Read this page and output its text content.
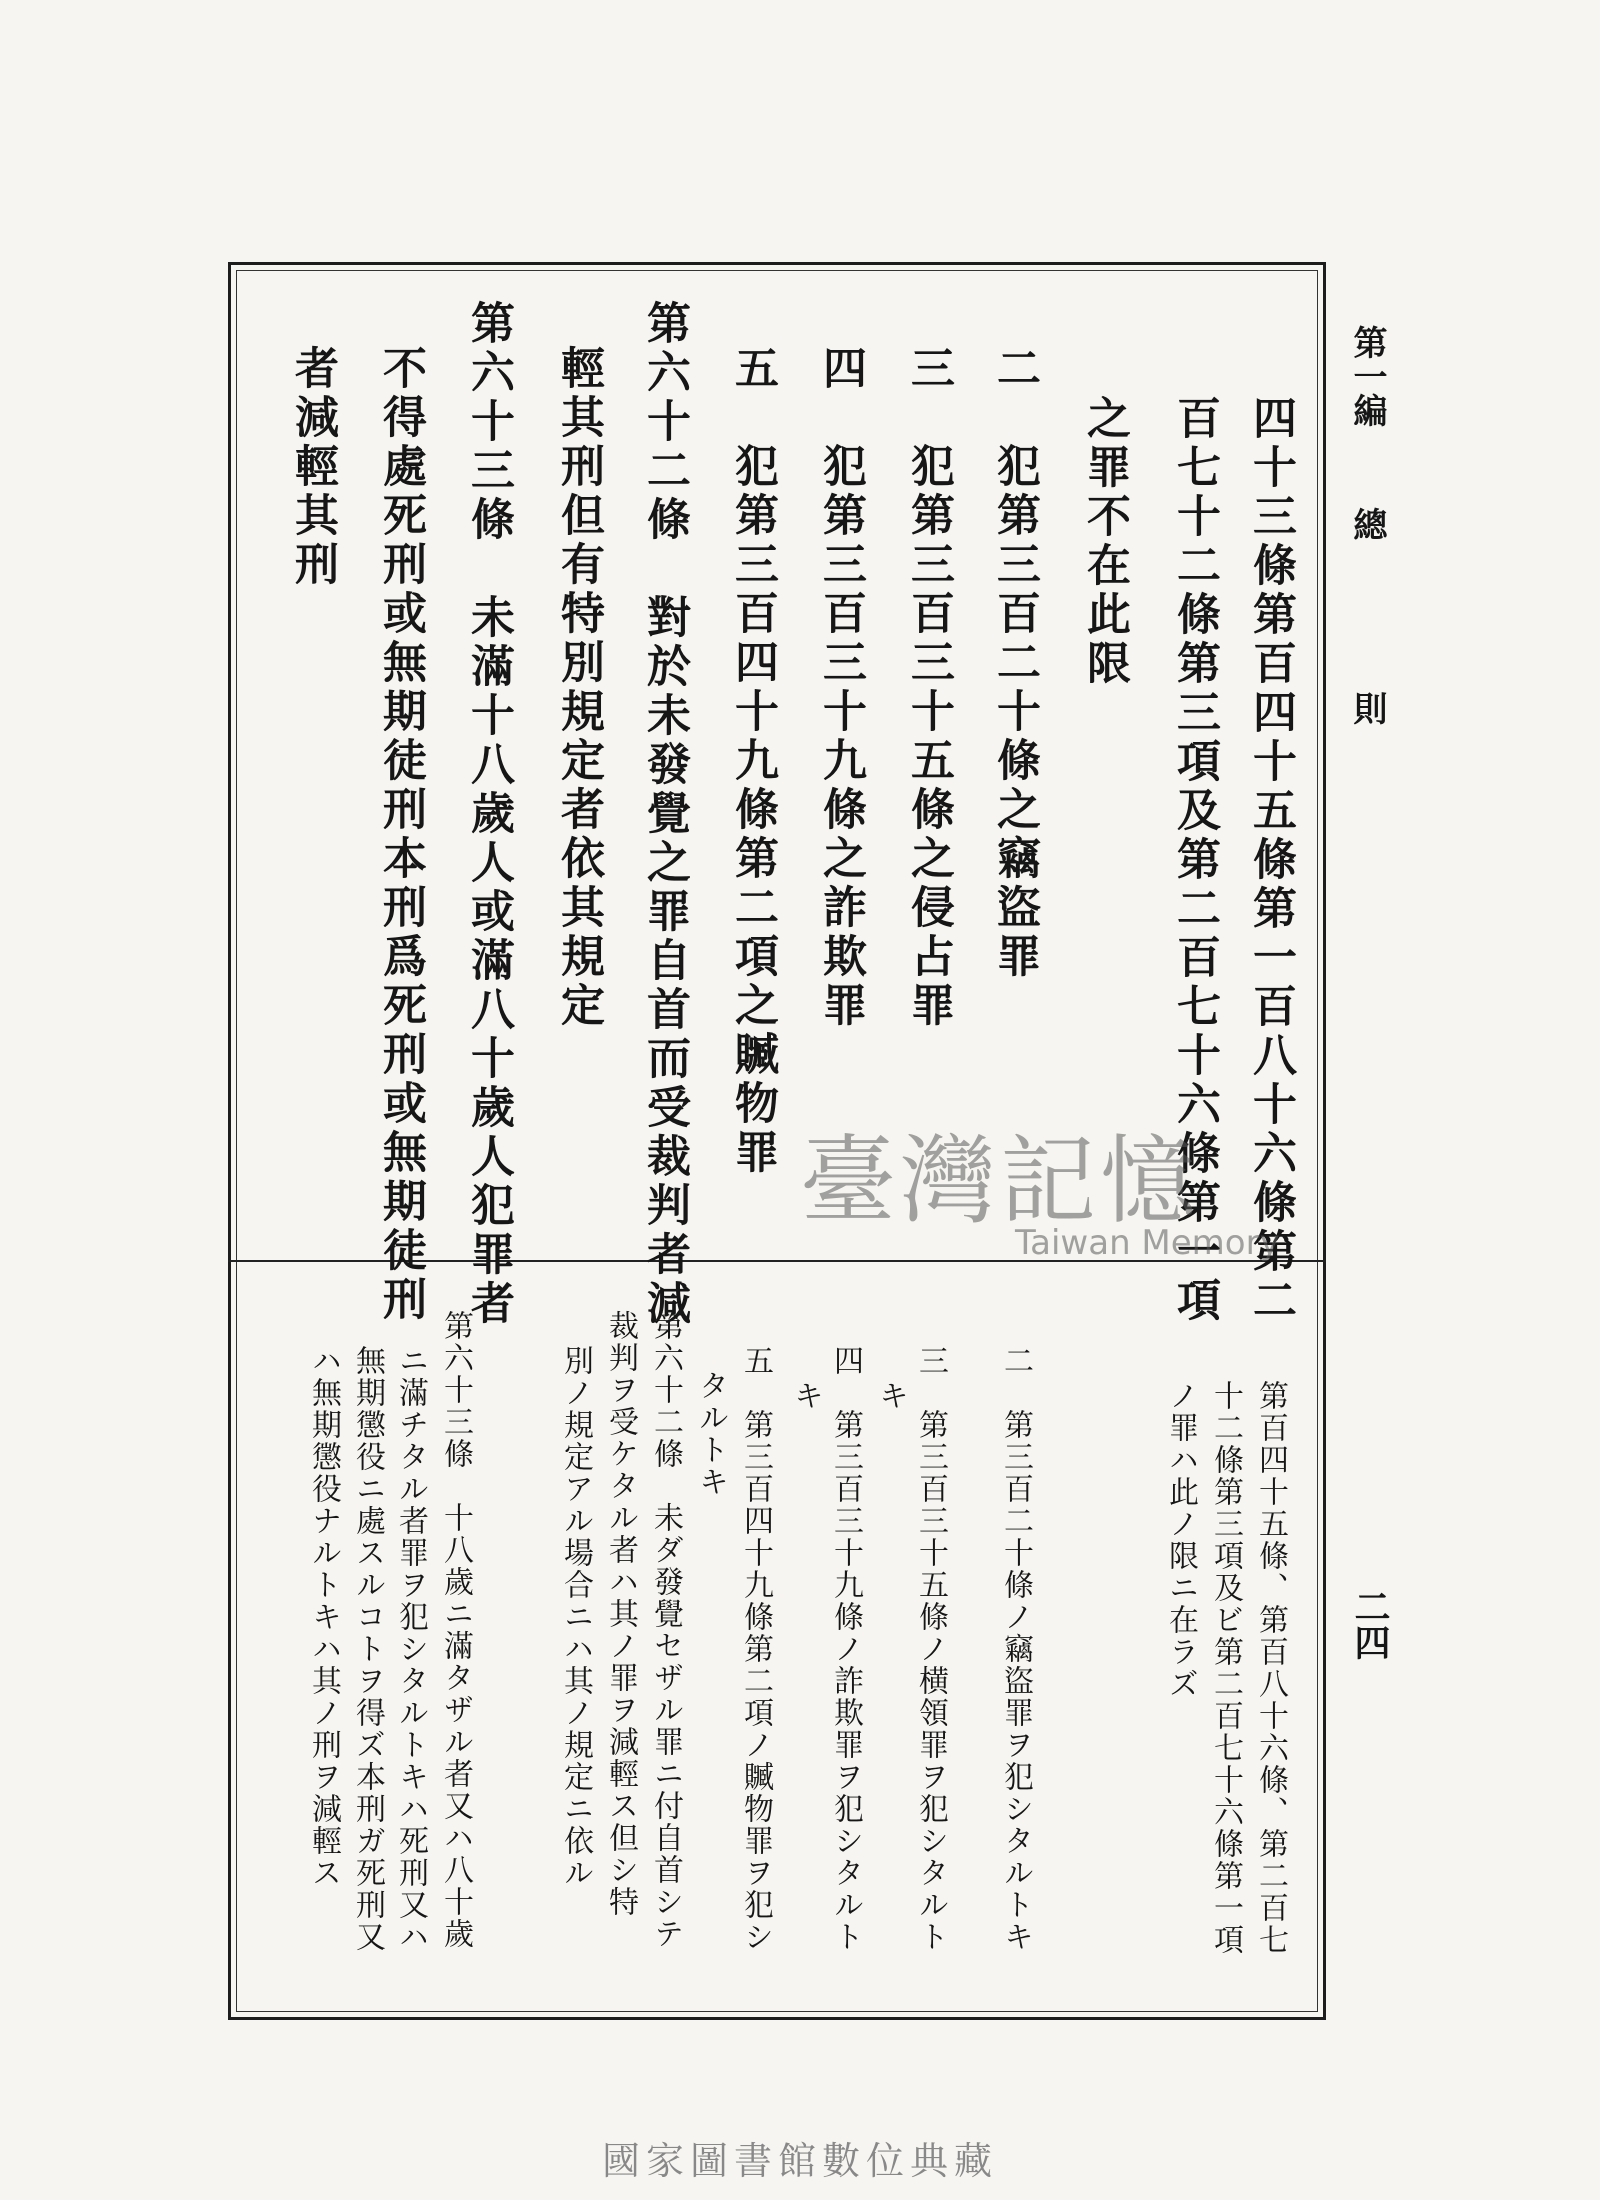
第一編 總 則
二四
四十三條第百四十五條第一百八十六條第二
百七十二條第三項及第二百七十六條第一項
之罪不在此限
二　犯第三百二十條之竊盜罪
三　犯第三百三十五條之侵占罪
四　犯第三百三十九條之詐欺罪
五　犯第三百四十九條第二項之贓物罪
第六十二條　對於未發覺之罪自首而受裁判者減
輕其刑但有特別規定者依其規定
第六十三條　未滿十八歲人或滿八十歲人犯罪者
不得處死刑或無期徒刑本刑爲死刑或無期徒刑
者減輕其刑
第百四十五條、第百八十六條、第二百七
十二條第三項及ビ第二百七十六條第一項
ノ罪ハ此ノ限ニ在ラズ
二　第三百二十條ノ竊盜罪ヲ犯シタルトキ
三　第三百三十五條ノ横領罪ヲ犯シタルト
キ
四　第三百三十九條ノ詐欺罪ヲ犯シタルト
キ
五　第三百四十九條第二項ノ贓物罪ヲ犯シ
タルトキ
第六十二條　未ダ發覺セザル罪ニ付自首シテ
裁判ヲ受ケタル者ハ其ノ罪ヲ減輕ス但シ特
別ノ規定アル場合ニハ其ノ規定ニ依ル
第六十三條　十八歲ニ滿タザル者又ハ八十歲
ニ滿チタル者罪ヲ犯シタルトキハ死刑又ハ
無期懲役ニ處スルコトヲ得ズ本刑ガ死刑又
ハ無期懲役ナルトキハ其ノ刑ヲ減輕ス
臺灣記憶
Taiwan Memory
國家圖書館數位典藏
